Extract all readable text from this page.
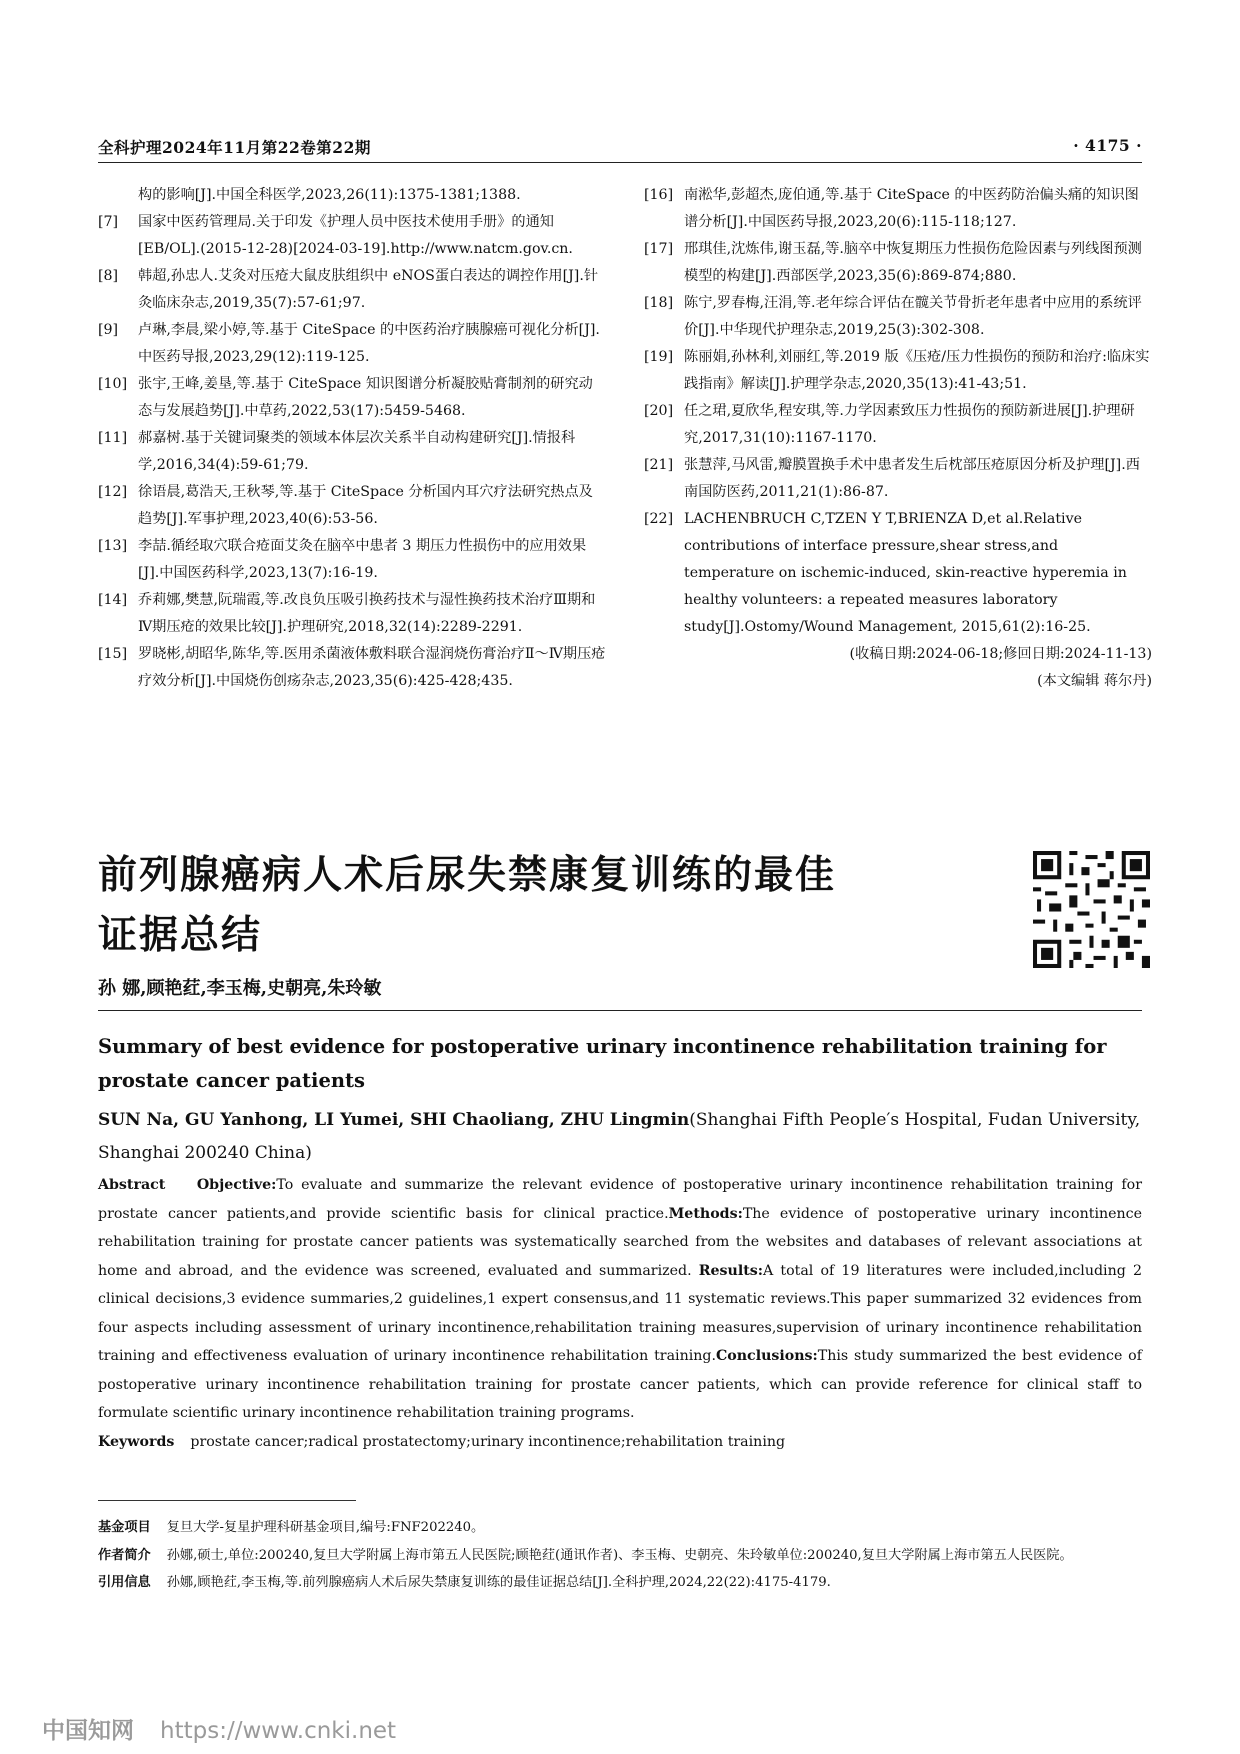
全科护理2024年11月第22卷第22期	· 4175 ·
构的影响[J].中国全科医学,2023,26(11):1375-1381;1388.
[7]	国家中医药管理局.关于印发《护理人员中医技术使用手册》的通知[EB/OL].(2015-12-28)[2024-03-19].http://www.natcm.gov.cn.
[8]	韩超,孙忠人.艾灸对压疮大鼠皮肤组织中 eNOS蛋白表达的调控作用[J].针灸临床杂志,2019,35(7):57-61;97.
[9]	卢琳,李晨,梁小婷,等.基于 CiteSpace 的中医药治疗胰腺癌可视化分析[J].中医药导报,2023,29(12):119-125.
[10] 张宇,王峰,姜垦,等.基于 CiteSpace 知识图谱分析凝胶贴膏制剂的研究动态与发展趋势[J].中草药,2022,53(17):5459-5468.
[11] 郝嘉树.基于关键词聚类的领域本体层次关系半自动构建研究[J].情报科学,2016,34(4):59-61;79.
[12] 徐语晨,葛浩天,王秋琴,等.基于 CiteSpace 分析国内耳穴疗法研究热点及趋势[J].军事护理,2023,40(6):53-56.
[13] 李喆.循经取穴联合疮面艾灸在脑卒中患者 3 期压力性损伤中的应用效果[J].中国医药科学,2023,13(7):16-19.
[14] 乔莉娜,樊慧,阮瑞霞,等.改良负压吸引换药技术与湿性换药技术治疗Ⅲ期和Ⅳ期压疮的效果比较[J].护理研究,2018,32(14):2289-2291.
[15] 罗晓彬,胡昭华,陈华,等.医用杀菌液体敷料联合湿润烧伤膏治疗Ⅱ～Ⅳ期压疮疗效分析[J].中国烧伤创疡杂志,2023,35(6):425-428;435.
[16] 南淞华,彭超杰,庞伯通,等.基于 CiteSpace 的中医药防治偏头痛的知识图谱分析[J].中国医药导报,2023,20(6):115-118;127.
[17] 邢琪佳,沈炼伟,谢玉磊,等.脑卒中恢复期压力性损伤危险因素与列线图预测模型的构建[J].西部医学,2023,35(6):869-874;880.
[18] 陈宁,罗春梅,汪涓,等.老年综合评估在髋关节骨折老年患者中应用的系统评价[J].中华现代护理杂志,2019,25(3):302-308.
[19] 陈丽娟,孙林利,刘丽红,等.2019 版《压疮/压力性损伤的预防和治疗:临床实践指南》解读[J].护理学杂志,2020,35(13):41-43;51.
[20] 任之珺,夏欣华,程安琪,等.力学因素致压力性损伤的预防新进展[J].护理研究,2017,31(10):1167-1170.
[21] 张慧萍,马风雷,瓣膜置换手术中患者发生后枕部压疮原因分析及护理[J].西南国防医药,2011,21(1):86-87.
[22] LACHENBRUCH C,TZEN Y T,BRIENZA D,et al.Relative contributions of interface pressure,shear stress,and temperature on ischemic-induced, skin-reactive hyperemia in healthy volunteers: a repeated measures laboratory study[J].Ostomy/Wound Management, 2015,61(2):16-25.
(收稿日期:2024-06-18;修回日期:2024-11-13)
(本文编辑 蒋尔丹)
前列腺癌病人术后尿失禁康复训练的最佳
证据总结
孙 娜,顾艳荭,李玉梅,史朝亮,朱玲敏
Summary of best evidence for postoperative urinary incontinence rehabilitation training for prostate cancer patients
SUN Na, GU Yanhong, LI Yumei, SHI Chaoliang, ZHU Lingmin(Shanghai Fifth People′s Hospital, Fudan University, Shanghai 200240 China)
Abstract Objective:To evaluate and summarize the relevant evidence of postoperative urinary incontinence rehabilitation training for prostate cancer patients,and provide scientific basis for clinical practice.Methods:The evidence of postoperative urinary incontinence rehabilitation training for prostate cancer patients was systematically searched from the websites and databases of relevant associations at home and abroad, and the evidence was screened, evaluated and summarized. Results:A total of 19 literatures were included,including 2 clinical decisions,3 evidence summaries,2 guidelines,1 expert consensus,and 11 systematic reviews.This paper summarized 32 evidences from four aspects including assessment of urinary incontinence,rehabilitation training measures,supervision of urinary incontinence rehabilitation training and effectiveness evaluation of urinary incontinence rehabilitation training.Conclusions:This study summarized the best evidence of postoperative urinary incontinence rehabilitation training for prostate cancer patients, which can provide reference for clinical staff to formulate scientific urinary incontinence rehabilitation training programs.
Keywords prostate cancer;radical prostatectomy;urinary incontinence;rehabilitation training
基金项目 复旦大学-复星护理科研基金项目,编号:FNF202240。
作者简介 孙娜,硕士,单位:200240,复旦大学附属上海市第五人民医院;顾艳荭(通讯作者)、李玉梅、史朝亮、朱玲敏单位:200240,复旦大学附属上海市第五人民医院。
引用信息 孙娜,顾艳荭,李玉梅,等.前列腺癌病人术后尿失禁康复训练的最佳证据总结[J].全科护理,2024,22(22):4175-4179.
中国知网 https://www.cnki.net
